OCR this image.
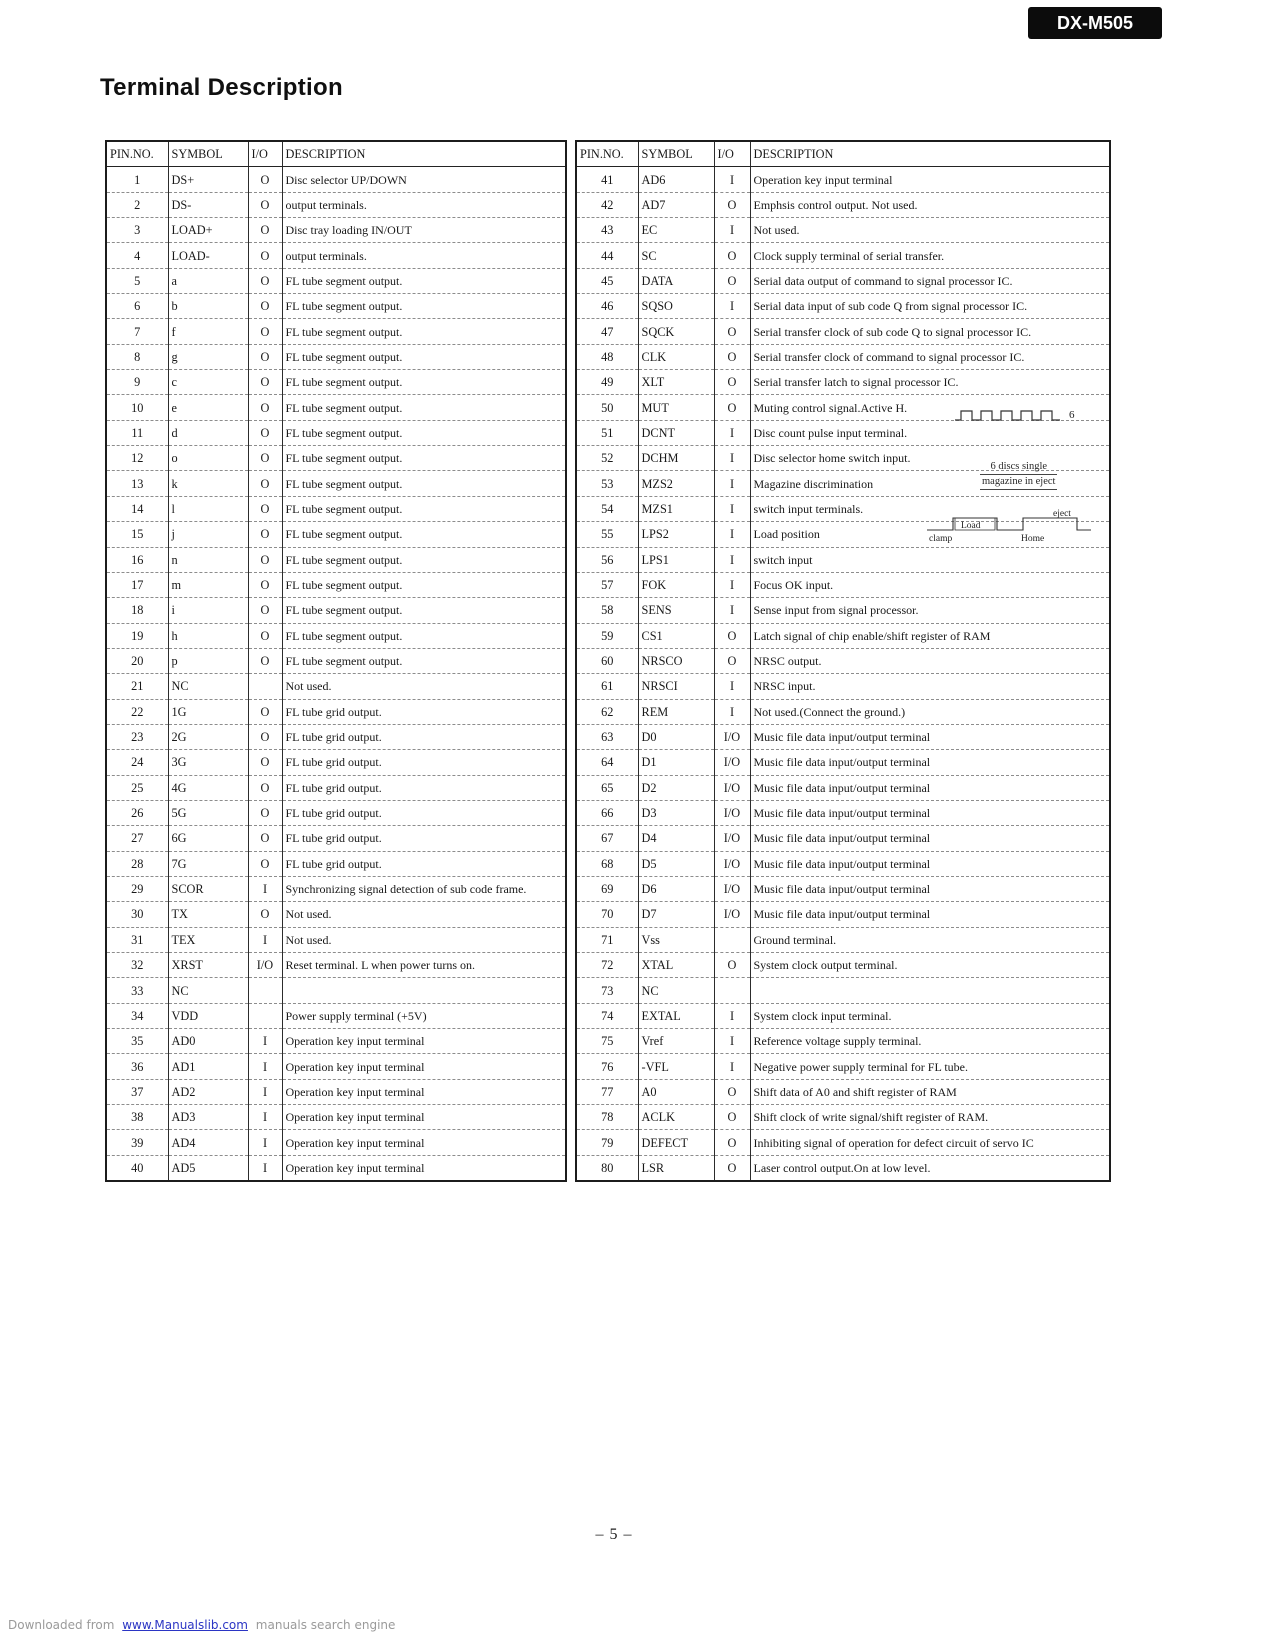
DX-M505
Terminal Description
PIN.NO.	SYMBOL	I/O	DESCRIPTION
1	DS+	O	Disc selector UP/DOWN
2	DS-	O	output terminals.
3	LOAD+	O	Disc tray loading IN/OUT
4	LOAD-	O	output terminals.
5	a	O	FL tube segment output.
6	b	O	FL tube segment output.
7	f	O	FL tube segment output.
8	g	O	FL tube segment output.
9	c	O	FL tube segment output.
10	e	O	FL tube segment output.
11	d	O	FL tube segment output.
12	o	O	FL tube segment output.
13	k	O	FL tube segment output.
14	l	O	FL tube segment output.
15	j	O	FL tube segment output.
16	n	O	FL tube segment output.
17	m	O	FL tube segment output.
18	i	O	FL tube segment output.
19	h	O	FL tube segment output.
20	p	O	FL tube segment output.
21	NC		Not used.
22	1G	O	FL tube grid output.
23	2G	O	FL tube grid output.
24	3G	O	FL tube grid output.
25	4G	O	FL tube grid output.
26	5G	O	FL tube grid output.
27	6G	O	FL tube grid output.
28	7G	O	FL tube grid output.
29	SCOR	I	Synchronizing signal detection of sub code frame.
30	TX	O	Not used.
31	TEX	I	Not used.
32	XRST	I/O	Reset terminal. L when power turns on.
33	NC		
34	VDD		Power supply terminal (+5V)
35	AD0	I	Operation key input terminal
36	AD1	I	Operation key input terminal
37	AD2	I	Operation key input terminal
38	AD3	I	Operation key input terminal
39	AD4	I	Operation key input terminal
40	AD5	I	Operation key input terminal
PIN.NO.	SYMBOL	I/O	DESCRIPTION
41	AD6	I	Operation key input terminal
42	AD7	O	Emphsis control output. Not used.
43	EC	I	Not used.
44	SC	O	Clock supply terminal of serial transfer.
45	DATA	O	Serial data output of command to signal processor IC.
46	SQSO	I	Serial data input of sub code Q from signal processor IC.
47	SQCK	O	Serial transfer clock of sub code Q to signal processor IC.
48	CLK	O	Serial transfer clock of command to signal processor IC.
49	XLT	O	Serial transfer latch to signal processor IC.
50	MUT	O	Muting control signal.Active H.
51	DCNT	I	Disc count pulse input terminal.
52	DCHM	I	Disc selector home switch input.
53	MZS2	I	Magazine discrimination
54	MZS1	I	switch input terminals.
55	LPS2	I	Load position
56	LPS1	I	switch input
57	FOK	I	Focus OK input.
58	SENS	I	Sense input from signal processor.
59	CS1	O	Latch signal of chip enable/shift register of RAM
60	NRSCO	O	NRSC output.
61	NRSCI	I	NRSC input.
62	REM	I	Not used.(Connect the ground.)
63	D0	I/O	Music file data input/output terminal
64	D1	I/O	Music file data input/output terminal
65	D2	I/O	Music file data input/output terminal
66	D3	I/O	Music file data input/output terminal
67	D4	I/O	Music file data input/output terminal
68	D5	I/O	Music file data input/output terminal
69	D6	I/O	Music file data input/output terminal
70	D7	I/O	Music file data input/output terminal
71	Vss		Ground terminal.
72	XTAL	O	System clock output terminal.
73	NC		
74	EXTAL	I	System clock input terminal.
75	Vref	I	Reference voltage supply terminal.
76	-VFL	I	Negative power supply terminal for FL tube.
77	A0	O	Shift data of A0 and shift register of RAM
78	ACLK	O	Shift clock of write signal/shift register of RAM.
79	DEFECT	O	Inhibiting signal of operation for defect circuit of servo IC
80	LSR	O	Laser control output.On at low level.
6
6 discs single
magazine in eject
Load
eject
clamp	Home
– 5 –
Downloaded from www.Manualslib.com manuals search engine
